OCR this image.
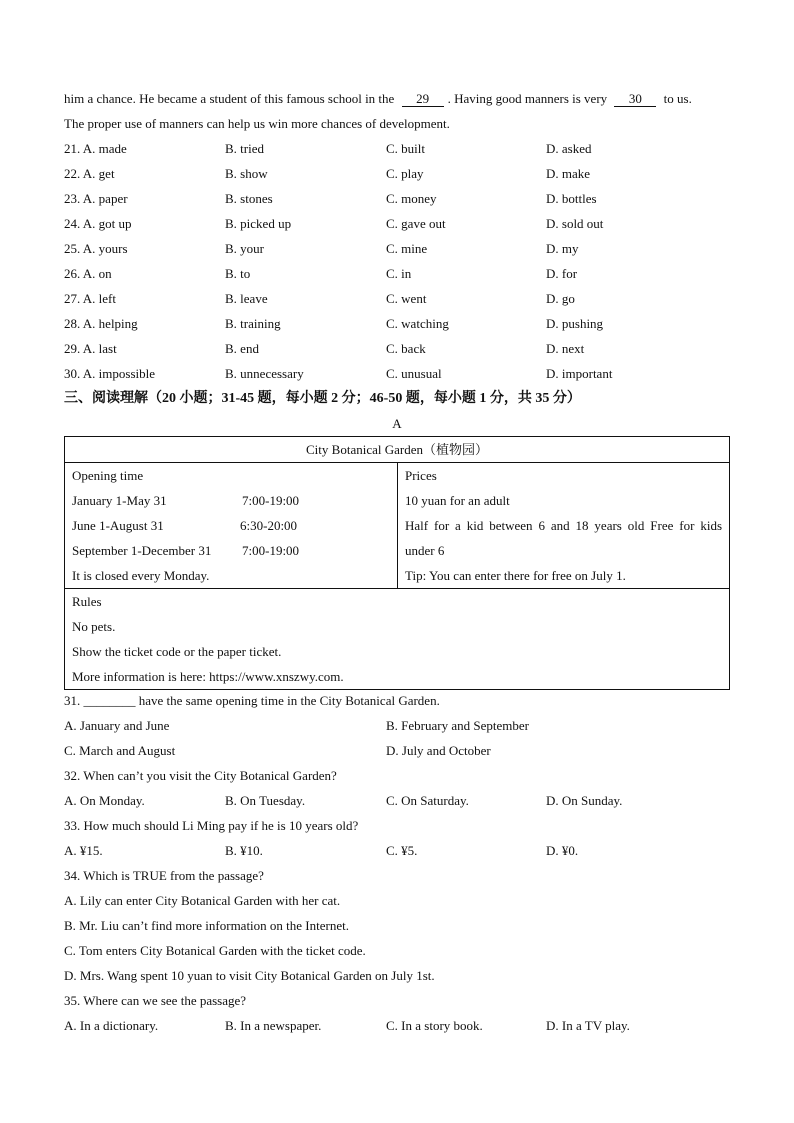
him a chance. He became a student of this famous school in the 29 . Having good manners is very 30 to us.
The proper use of manners can help us win more chances of development.
21. A. made	B. tried	C. built	D. asked
22. A. get	B. show	C. play	D. make
23. A. paper	B. stones	C. money	D. bottles
24. A. got up	B. picked up	C. gave out	D. sold out
25. A. yours	B. your	C. mine	D. my
26. A. on	B. to	C. in	D. for
27. A. left	B. leave	C. went	D. go
28. A. helping	B. training	C. watching	D. pushing
29. A. last	B. end	C. back	D. next
30. A. impossible	B. unnecessary	C. unusual	D. important
三、阅读理解（20 小题；31-45 题，每小题 2 分；46-50 题，每小题 1 分，共 35 分）
A
City Botanical Garden（植物园）

Opening time
January 1-May 31	7:00-19:00
June 1-August 31	6:30-20:00
September 1-December 31 7:00-19:00
It is closed every Monday.

Prices
10 yuan for an adult
Half for a kid between 6 and 18 years old Free for kids under 6
Tip: You can enter there for free on July 1.

Rules
No pets.
Show the ticket code or the paper ticket.
More information is here: https://www.xnszwy.com.
31. ________ have the same opening time in the City Botanical Garden.
A. January and June	B. February and September
C. March and August	D. July and October
32. When can’t you visit the City Botanical Garden?
A. On Monday.	B. On Tuesday.	C. On Saturday.	D. On Sunday.
33. How much should Li Ming pay if he is 10 years old?
A. ¥15.	B. ¥10.	C. ¥5.	D. ¥0.
34. Which is TRUE from the passage?
A. Lily can enter City Botanical Garden with her cat.
B. Mr. Liu can’t find more information on the Internet.
C. Tom enters City Botanical Garden with the ticket code.
D. Mrs. Wang spent 10 yuan to visit City Botanical Garden on July 1st.
35. Where can we see the passage?
A. In a dictionary.	B. In a newspaper.	C. In a story book.	D. In a TV play.
